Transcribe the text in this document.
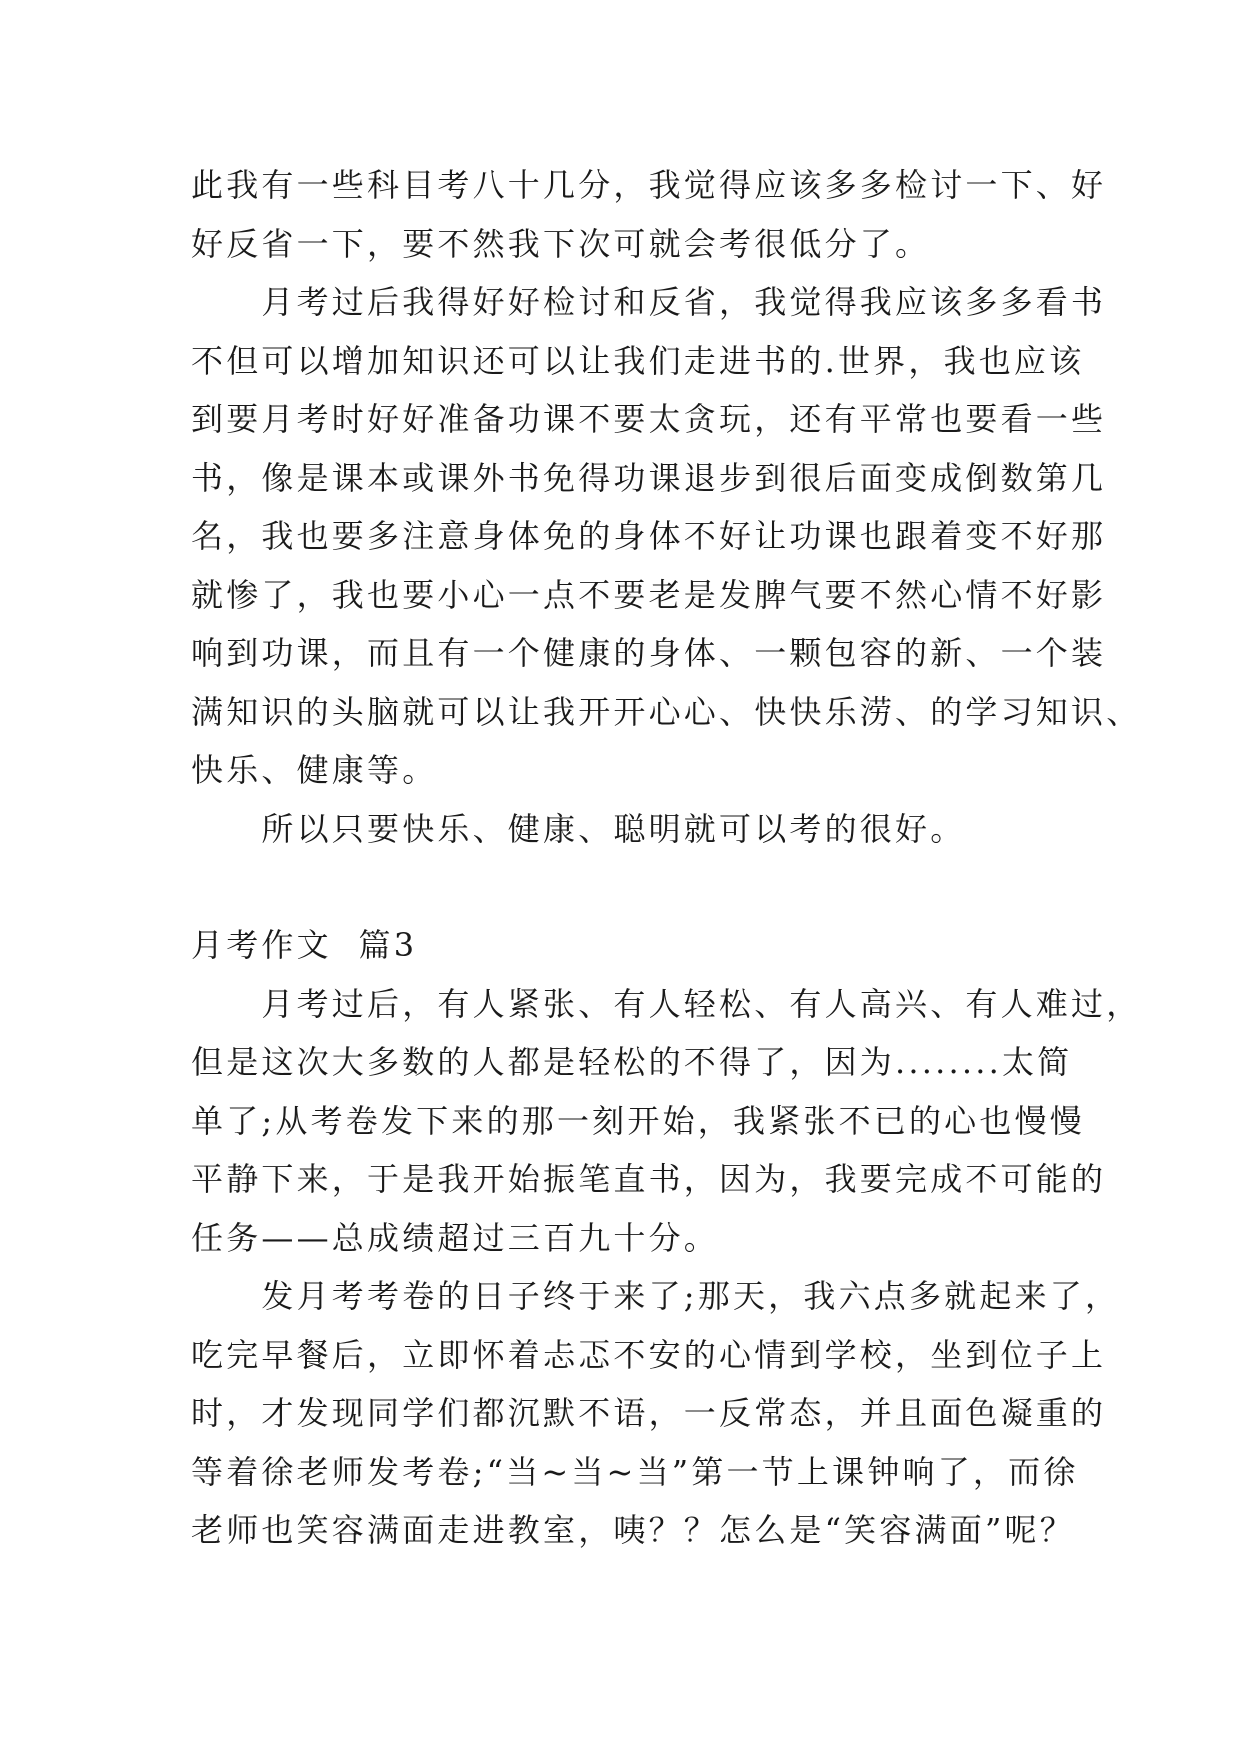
此我有一些科目考八十几分，我觉得应该多多检讨一下、好
好反省一下，要不然我下次可就会考很低分了。

　　月考过后我得好好检讨和反省，我觉得我应该多多看书
不但可以增加知识还可以让我们走进书的.世界，我也应该
到要月考时好好准备功课不要太贪玩，还有平常也要看一些
书，像是课本或课外书免得功课退步到很后面变成倒数第几
名，我也要多注意身体免的身体不好让功课也跟着变不好那
就惨了，我也要小心一点不要老是发脾气要不然心情不好影
响到功课，而且有一个健康的身体、一颗包容的新、一个装
满知识的头脑就可以让我开开心心、快快乐涝、的学习知识、
快乐、健康等。

　　所以只要快乐、健康、聪明就可以考的很好。

月考作文  篇3

　　月考过后，有人紧张、有人轻松、有人高兴、有人难过，
但是这次大多数的人都是轻松的不得了，因为........太简
单了;从考卷发下来的那一刻开始，我紧张不已的心也慢慢
平静下来，于是我开始振笔直书，因为，我要完成不可能的
任务——总成绩超过三百九十分。

　　发月考考卷的日子终于来了;那天，我六点多就起来了，
吃完早餐后，立即怀着忐忑不安的心情到学校，坐到位子上
时，才发现同学们都沉默不语，一反常态，并且面色凝重的
等着徐老师发考卷;“当~当~当”第一节上课钟响了，而徐
老师也笑容满面走进教室，咦？？怎么是“笑容满面”呢？
